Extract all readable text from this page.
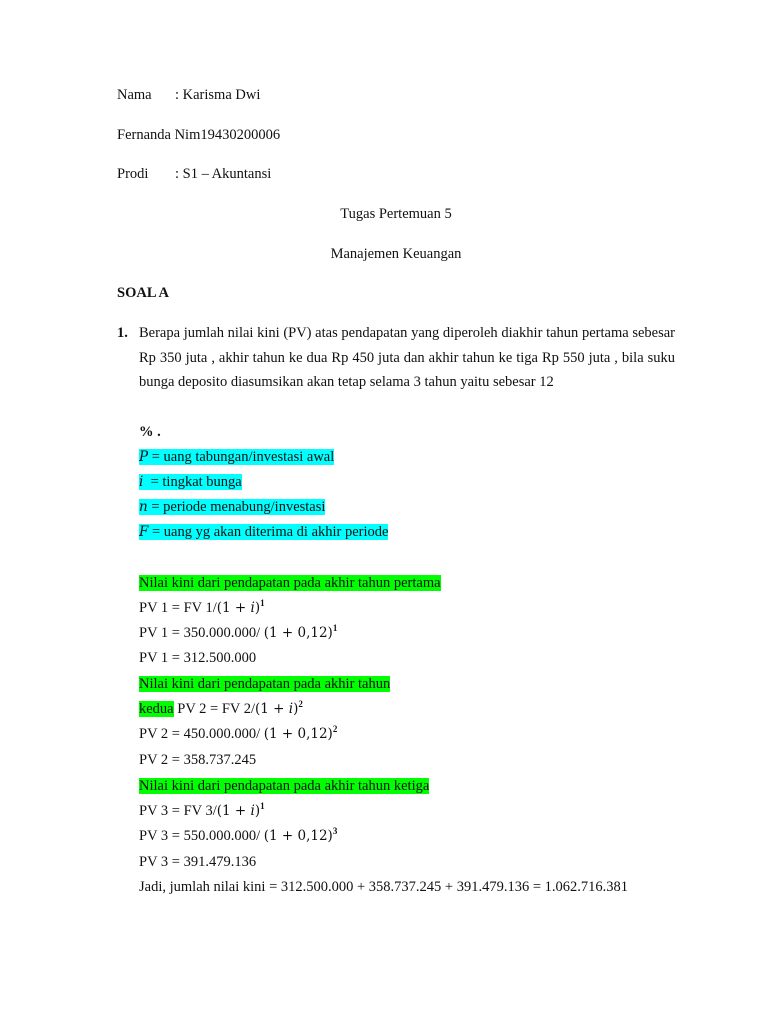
Nama : Karisma Dwi
Fernanda Nim19430200006
Prodi : S1 – Akuntansi
Tugas Pertemuan 5
Manajemen Keuangan
SOAL A
1. Berapa jumlah nilai kini (PV) atas pendapatan yang diperoleh diakhir tahun pertama sebesar Rp 350 juta , akhir tahun ke dua Rp 450 juta dan akhir tahun ke tiga Rp 550 juta , bila suku bunga deposito diasumsikan akan tetap selama 3 tahun yaitu sebesar 12
% .
P = uang tabungan/investasi awal
i  = tingkat bunga
n = periode menabung/investasi
F = uang yg akan diterima di akhir periode
Nilai kini dari pendapatan pada akhir tahun pertama
PV 1 = FV $1/(1 + i)^1$
PV 1 = 350.000.000/ $(1 + 0,12)^1$
PV 1 = 312.500.000
Nilai kini dari pendapatan pada akhir tahun
kedua PV 2 = FV $2/(1 + i)^2$
PV 2 = 450.000.000/ $(1 + 0,12)^2$
PV 2 = 358.737.245
Nilai kini dari pendapatan pada akhir tahun ketiga
PV 3 = FV $3/(1 + i)^1$
PV 3 = 550.000.000/ $(1 + 0,12)^3$
PV 3 = 391.479.136
Jadi, jumlah nilai kini = 312.500.000 + 358.737.245 + 391.479.136 = 1.062.716.381
